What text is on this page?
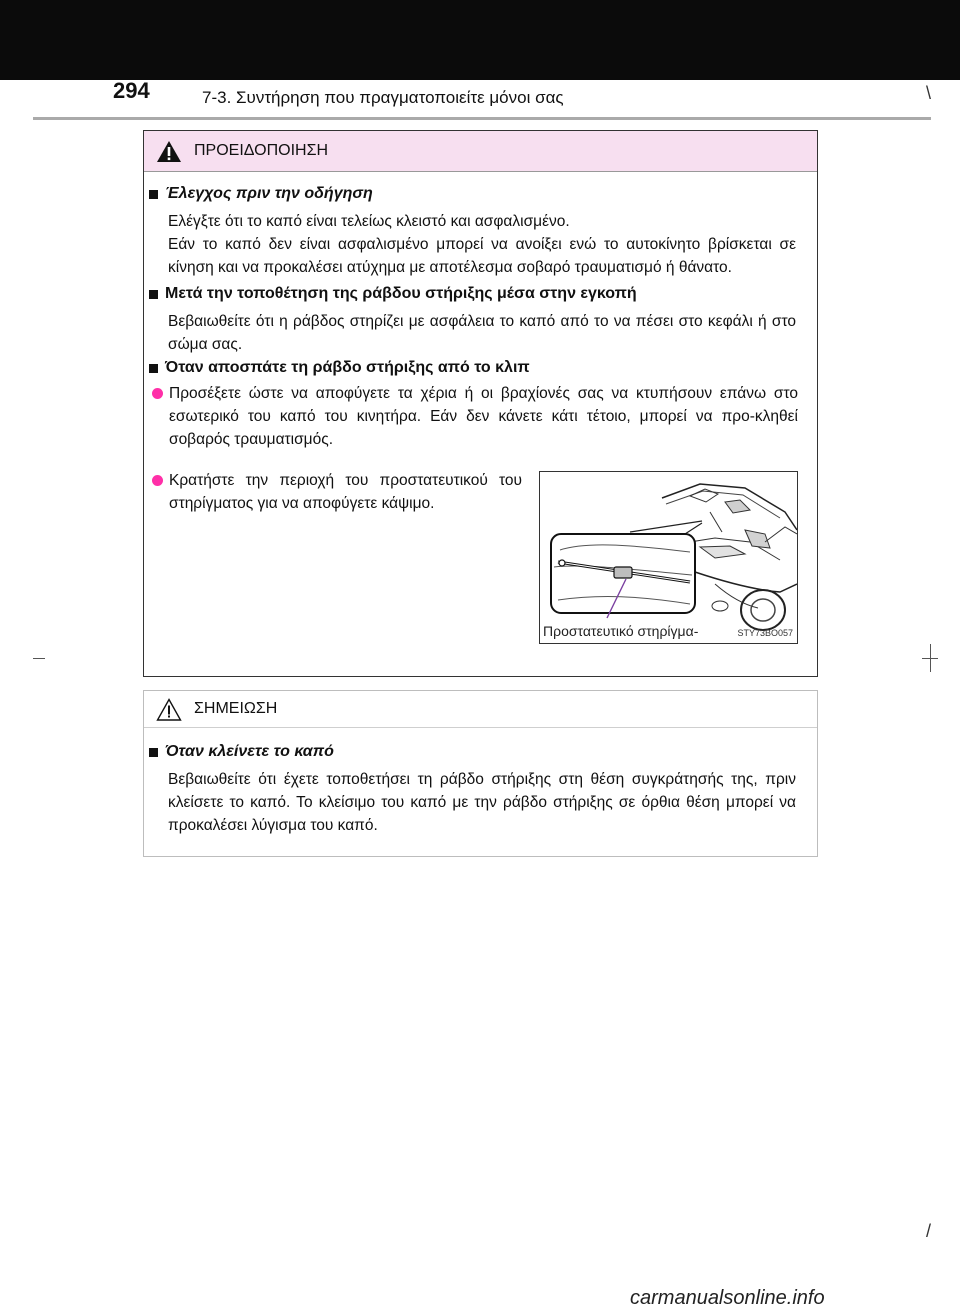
294	7-3. Συντήρηση που πραγματοποιείτε μόνοι σας	\
/
ΠΡΟΕΙΔΟΠΟΙΗΣΗ
Έλεγχος πριν την οδήγηση
Ελέγξτε ότι το καπό είναι τελείως κλειστό και ασφαλισμένο.
Εάν το καπό δεν είναι ασφαλισμένο μπορεί να ανοίξει ενώ το αυτοκίνητο βρίσκεται σε κίνηση και να προκαλέσει ατύχημα με αποτέλεσμα σοβαρό τραυματισμό ή θάνατο.
Μετά την τοποθέτηση της ράβδου στήριξης μέσα στην εγκοπή
Βεβαιωθείτε ότι η ράβδος στηρίζει με ασφάλεια το καπό από το να πέσει στο κεφάλι ή στο σώμα σας.
Όταν αποσπάτε τη ράβδο στήριξης από το κλιπ
Προσέξετε ώστε να αποφύγετε τα χέρια ή οι βραχίονές σας να κτυπήσουν επάνω στο εσωτερικό του καπό του κινητήρα. Εάν δεν κάνετε κάτι τέτοιο, μπορεί να προ-κληθεί σοβαρός τραυματισμός.
Κρατήστε την περιοχή του προστατευτικού του στηρίγματος για να αποφύγετε κάψιμο.
Προστατευτικό στηρίγμα-	STY73BO057
ΣΗΜΕΙΩΣΗ
Όταν κλείνετε το καπό
Βεβαιωθείτε ότι έχετε τοποθετήσει τη ράβδο στήριξης στη θέση συγκράτησής της, πριν κλείσετε το καπό. Το κλείσιμο του καπό με την ράβδο στήριξης σε όρθια θέση μπορεί να προκαλέσει λύγισμα του καπό.
carmanualsonline.info
